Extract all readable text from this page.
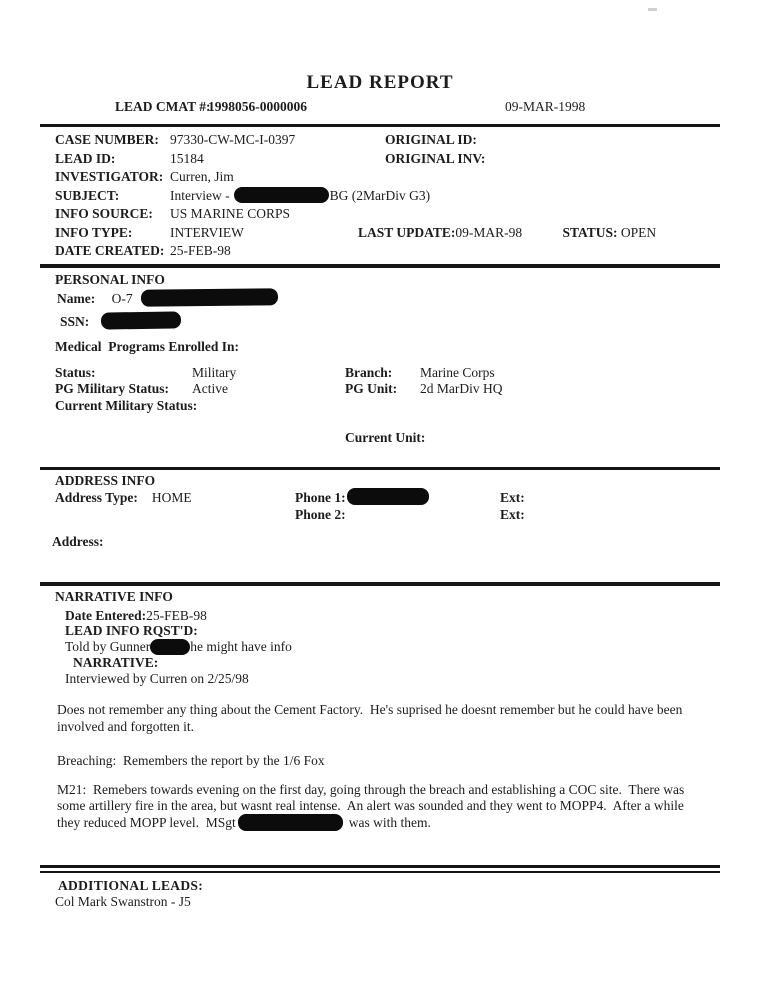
LEAD REPORT
LEAD CMAT #:
1998056-0000006	09-MAR-1998
CASE NUMBER: 97330-CW-MC-I-0397	ORIGINAL ID:
LEAD ID:	15184	ORIGINAL INV:
INVESTIGATOR: Curren, Jim
SUBJECT:	Interview -	BG (2MarDiv G3)
INFO SOURCE:	US MARINE CORPS
INFO TYPE:	INTERVIEW	LAST UPDATE:09-MAR-98	STATUS: OPEN
DATE CREATED: 25-FEB-98
PERSONAL INFO
Name: O-7
SSN:
Medical  Programs Enrolled In:
Status:	Military	Branch:	Marine Corps
PG Military Status:	Active	PG Unit:	2d MarDiv HQ
Current Military Status:
Current Unit:
ADDRESS INFO
Address Type: HOME	Phone 1:	Ext:
Phone 2:	Ext:
Address:
NARRATIVE INFO
Date Entered:25-FEB-98
LEAD INFO RQST'D:
Told by Gunner	he might have info
NARRATIVE:
Interviewed by Curren on 2/25/98
Does not remember any thing about the Cement Factory.  He's suprised he doesnt remember but he could have been involved and forgotten it.
Breaching:  Remembers the report by the 1/6 Fox
M21:  Remebers towards evening on the first day, going through the breach and establishing a COC site.  There was some artillery fire in the area, but wasnt real intense.  An alert was sounded and they went to MOPP4.  After a while they reduced MOPP level.  MSgt	was with them.
ADDITIONAL LEADS:
Col Mark Swanstron - J5
